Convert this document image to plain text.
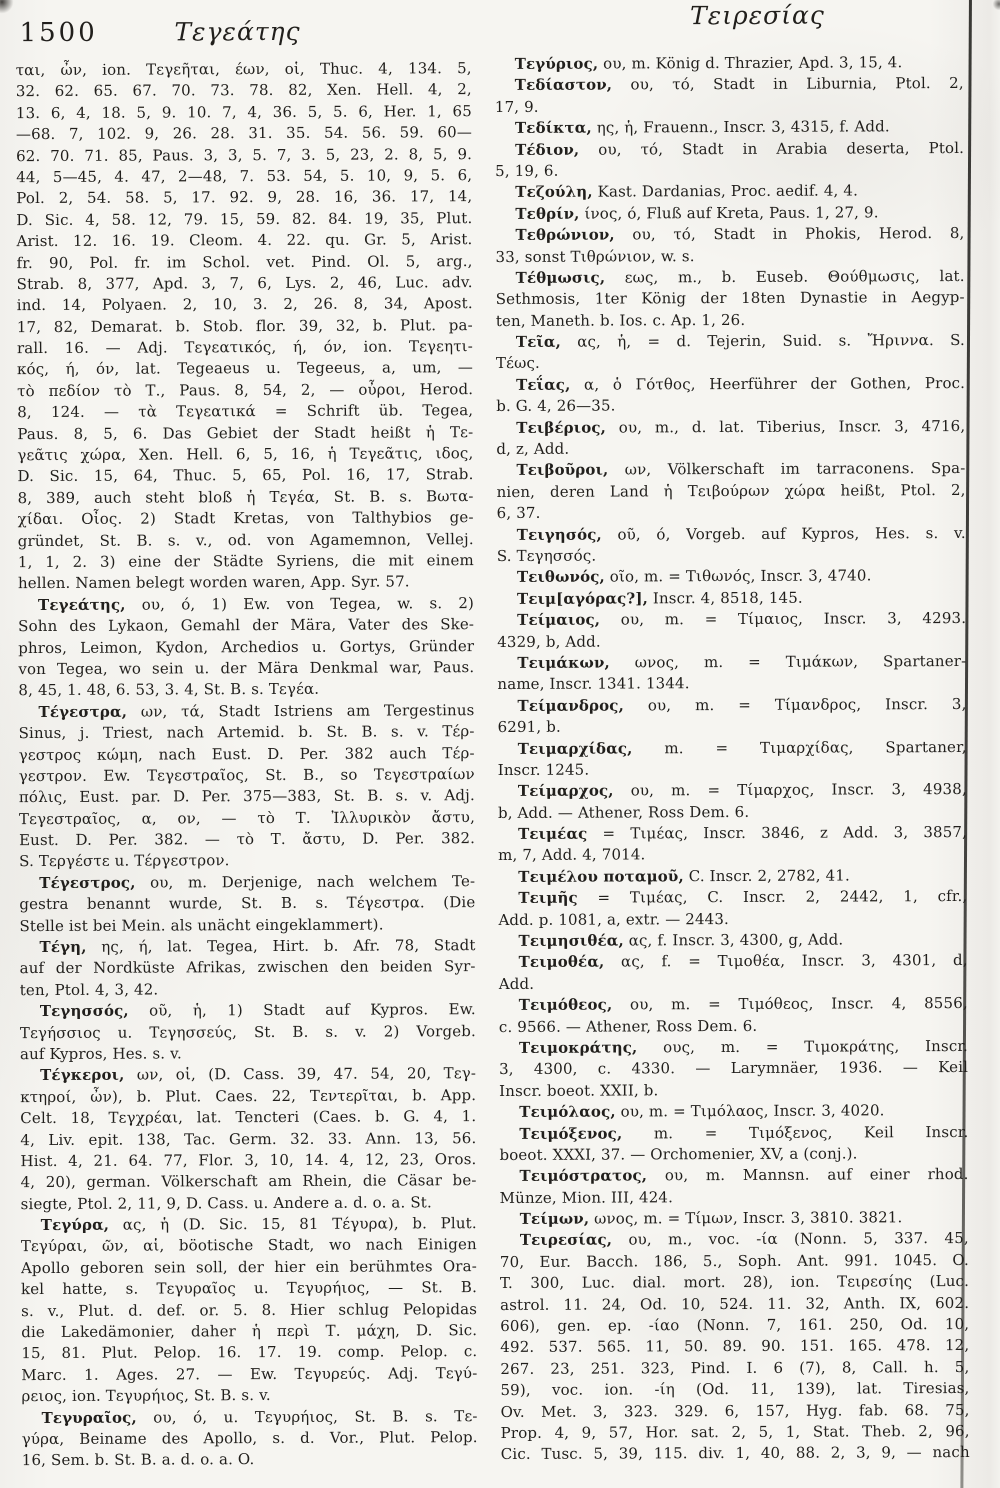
1500	Τεγεάτης
Τειρεσίας
ται, ὦν, ion. Τεγεῆται, έων, οἱ, Thuc. 4, 134. 5,
32. 62. 65. 67. 70. 73. 78. 82, Xen. Hell. 4, 2,
13. 6, 4, 18. 5, 9. 10. 7, 4, 36. 5, 5. 6, Her. 1, 65
—68. 7, 102. 9, 26. 28. 31. 35. 54. 56. 59. 60—
62. 70. 71. 85, Paus. 3, 3, 5. 7, 3. 5, 23, 2. 8, 5, 9.
44, 5—45, 4. 47, 2—48, 7. 53. 54, 5. 10, 9, 5. 6,
Pol. 2, 54. 58. 5, 17. 92. 9, 28. 16, 36. 17, 14,
D. Sic. 4, 58. 12, 79. 15, 59. 82. 84. 19, 35, Plut.
Arist. 12. 16. 19. Cleom. 4. 22. qu. Gr. 5, Arist.
fr. 90, Pol. fr. im Schol. vet. Pind. Ol. 5, arg.,
Strab. 8, 377, Apd. 3, 7, 6, Lys. 2, 46, Luc. adv.
ind. 14, Polyaen. 2, 10, 3. 2, 26. 8, 34, Apost.
17, 82, Demarat. b. Stob. flor. 39, 32, b. Plut. pa-
rall. 16. — Adj. Τεγεατικός, ή, όν, ion. Τεγεητι-
κός, ή, όν, lat. Tegeaeus u. Tegeeus, a, um, —
τὸ πεδίον τὸ Τ., Paus. 8, 54, 2, — οὖροι, Herod.
8, 124. — τὰ Τεγεατικά = Schrift üb. Tegea,
Paus. 8, 5, 6. Das Gebiet der Stadt heißt ἡ Τε-
γεᾶτις χώρα, Xen. Hell. 6, 5, 16, ἡ Τεγεᾶτις, ιδος,
D. Sic. 15, 64, Thuc. 5, 65, Pol. 16, 17, Strab.
8, 389, auch steht bloß ἡ Τεγέα, St. B. s. Βωτα-
χίδαι. Οἶος. 2) Stadt Kretas, von Talthybios ge-
gründet, St. B. s. v., od. von Agamemnon, Vellej.
1, 1, 2. 3) eine der Städte Syriens, die mit einem
hellen. Namen belegt worden waren, App. Syr. 57.
Τεγεάτης, ου, ό, 1) Ew. von Tegea, w. s. 2)
Sohn des Lykaon, Gemahl der Mära, Vater des Ske-
phros, Leimon, Kydon, Archedios u. Gortys, Gründer
von Tegea, wo sein u. der Mära Denkmal war, Paus.
8, 45, 1. 48, 6. 53, 3. 4, St. B. s. Τεγέα.
Τέγεστρα, ων, τά, Stadt Istriens am Tergestinus
Sinus, j. Triest, nach Artemid. b. St. B. s. v. Τέρ-
γεστρος κώμη, nach Eust. D. Per. 382 auch Τέρ-
γεστρον. Ew. Τεγεστραῖος, St. B., so Τεγεστραίων
πόλις, Eust. par. D. Per. 375—383, St. B. s. v. Adj.
Τεγεστραῖος, α, ον, — τὸ Τ. Ἰλλυρικὸν ἄστυ,
Eust. D. Per. 382. — τὸ Τ. ἄστυ, D. Per. 382.
S. Τεργέστε u. Τέργεστρον.
Τέγεστρος, ου, m. Derjenige, nach welchem Te-
gestra benannt wurde, St. B. s. Τέγεστρα. (Die
Stelle ist bei Mein. als unächt eingeklammert).
Τέγη, ης, ή, lat. Tegea, Hirt. b. Afr. 78, Stadt
auf der Nordküste Afrikas, zwischen den beiden Syr-
ten, Ptol. 4, 3, 42.
Τεγησσός, οῦ, ἡ, 1) Stadt auf Kypros. Ew.
Τεγήσσιος u. Τεγησσεύς, St. B. s. v. 2) Vorgeb.
auf Kypros, Hes. s. v.
Τέγκεροι, ων, οἱ, (D. Cass. 39, 47. 54, 20, Τεγ-
κτηροί, ὦν), b. Plut. Caes. 22, Τεντερῖται, b. App.
Celt. 18, Τεγχρέαι, lat. Tencteri (Caes. b. G. 4, 1.
4, Liv. epit. 138, Tac. Germ. 32. 33. Ann. 13, 56.
Hist. 4, 21. 64. 77, Flor. 3, 10, 14. 4, 12, 23, Oros.
4, 20), german. Völkerschaft am Rhein, die Cäsar be-
siegte, Ptol. 2, 11, 9, D. Cass. u. Andere a. d. o. a. St.
Τεγύρα, ας, ἡ (D. Sic. 15, 81 Τέγυρα), b. Plut.
Τεγύραι, ῶν, αἱ, böotische Stadt, wo nach Einigen
Apollo geboren sein soll, der hier ein berühmtes Ora-
kel hatte, s. Τεγυραῖος u. Τεγυρήιος, — St. B.
s. v., Plut. d. def. or. 5. 8. Hier schlug Pelopidas
die Lakedämonier, daher ἡ περὶ Τ. μάχη, D. Sic.
15, 81. Plut. Pelop. 16. 17. 19. comp. Pelop. c.
Marc. 1. Ages. 27. — Ew. Τεγυρεύς. Adj. Τεγύ-
ρειος, ion. Τεγυρήιος, St. B. s. v.
Τεγυραῖος, ου, ό, u. Τεγυρήιος, St. B. s. Τε-
γύρα, Beiname des Apollo, s. d. Vor., Plut. Pelop.
16, Sem. b. St. B. a. d. o. a. O.
Τεγύριος, ου, m. König d. Thrazier, Apd. 3, 15, 4.
Τεδίαστον, ου, τό, Stadt in Liburnia, Ptol. 2,
17, 9.
Τεδίκτα, ης, ἡ, Frauenn., Inscr. 3, 4315, f. Add.
Τέδιον, ου, τό, Stadt in Arabia deserta, Ptol.
5, 19, 6.
Τεζούλη, Kast. Dardanias, Proc. aedif. 4, 4.
Τεθρίν, ίνος, ό, Fluß auf Kreta, Paus. 1, 27, 9.
Τεθρώνιον, ου, τό, Stadt in Phokis, Herod. 8,
33, sonst Τιθρώνιον, w. s.
Τέθμωσις, εως, m., b. Euseb. Θούθμωσις, lat.
Sethmosis, 1ter König der 18ten Dynastie in Aegyp-
ten, Maneth. b. Ios. c. Ap. 1, 26.
Τεῖα, ας, ἡ, = d. Tejerin, Suid. s. Ἤριννα. S.
Τέως.
Τεΐας, α, ὁ Γότθος, Heerführer der Gothen, Proc.
b. G. 4, 26—35.
Τειβέριος, ου, m., d. lat. Tiberius, Inscr. 3, 4716,
d, z, Add.
Τειβοῦροι, ων, Völkerschaft im tarraconens. Spa-
nien, deren Land ἡ Τειβούρων χώρα heißt, Ptol. 2,
6, 37.
Τειγησός, οῦ, ό, Vorgeb. auf Kypros, Hes. s. v.
S. Τεγησσός.
Τειθωνός, οῖο, m. = Τιθωνός, Inscr. 3, 4740.
Τειμ[αγόρας?], Inscr. 4, 8518, 145.
Τείμαιος, ου, m. = Τίμαιος, Inscr. 3, 4293.
4329, b, Add.
Τειμάκων, ωνος, m. = Τιμάκων, Spartaner-
name, Inscr. 1341. 1344.
Τείμανδρος, ου, m. = Τίμανδρος, Inscr. 3,
6291, b.
Τειμαρχίδας, m. = Τιμαρχίδας, Spartaner,
Inscr. 1245.
Τείμαρχος, ου, m. = Τίμαρχος, Inscr. 3, 4938,
b, Add. — Athener, Ross Dem. 6.
Τειμέας = Τιμέας, Inscr. 3846, z Add. 3, 3857,
m, 7, Add. 4, 7014.
Τειμέλου ποταμοῦ, C. Inscr. 2, 2782, 41.
Τειμῆς = Τιμέας, C. Inscr. 2, 2442, 1, cfr.,
Add. p. 1081, a, extr. — 2443.
Τειμησιθέα, ας, f. Inscr. 3, 4300, g, Add.
Τειμοθέα, ας, f. = Τιμοθέα, Inscr. 3, 4301, d,
Add.
Τειμόθεος, ου, m. = Τιμόθεος, Inscr. 4, 8556,
c. 9566. — Athener, Ross Dem. 6.
Τειμοκράτης, ους, m. = Τιμοκράτης, Inscr.
3, 4300, c. 4330. — Larymnäer, 1936. — Keil
Inscr. boeot. XXII, b.
Τειμόλαος, ου, m. = Τιμόλαος, Inscr. 3, 4020.
Τειμόξενος, m. = Τιμόξενος, Keil Inscr.
boeot. XXXI, 37. — Orchomenier, XV, a (conj.).
Τειμόστρατος, ου, m. Mannsn. auf einer rhod.
Münze, Mion. III, 424.
Τείμων, ωνος, m. = Τίμων, Inscr. 3, 3810. 3821.
Τειρεσίας, ου, m., voc. -ία (Nonn. 5, 337. 45,
70, Eur. Bacch. 186, 5., Soph. Ant. 991. 1045. O.
T. 300, Luc. dial. mort. 28), ion. Τειρεσίης (Luc.
astrol. 11. 24, Od. 10, 524. 11. 32, Anth. IX, 602.
606), gen. ep. -ίαο (Nonn. 7, 161. 250, Od. 10,
492. 537. 565. 11, 50. 89. 90. 151. 165. 478. 12,
267. 23, 251. 323, Pind. I. 6 (7), 8, Call. h. 5,
59), voc. ion. -ίη (Od. 11, 139), lat. Tiresias,
Ov. Met. 3, 323. 329. 6, 157, Hyg. fab. 68. 75,
Prop. 4, 9, 57, Hor. sat. 2, 5, 1, Stat. Theb. 2, 96,
Cic. Tusc. 5, 39, 115. div. 1, 40, 88. 2, 3, 9, — nach
